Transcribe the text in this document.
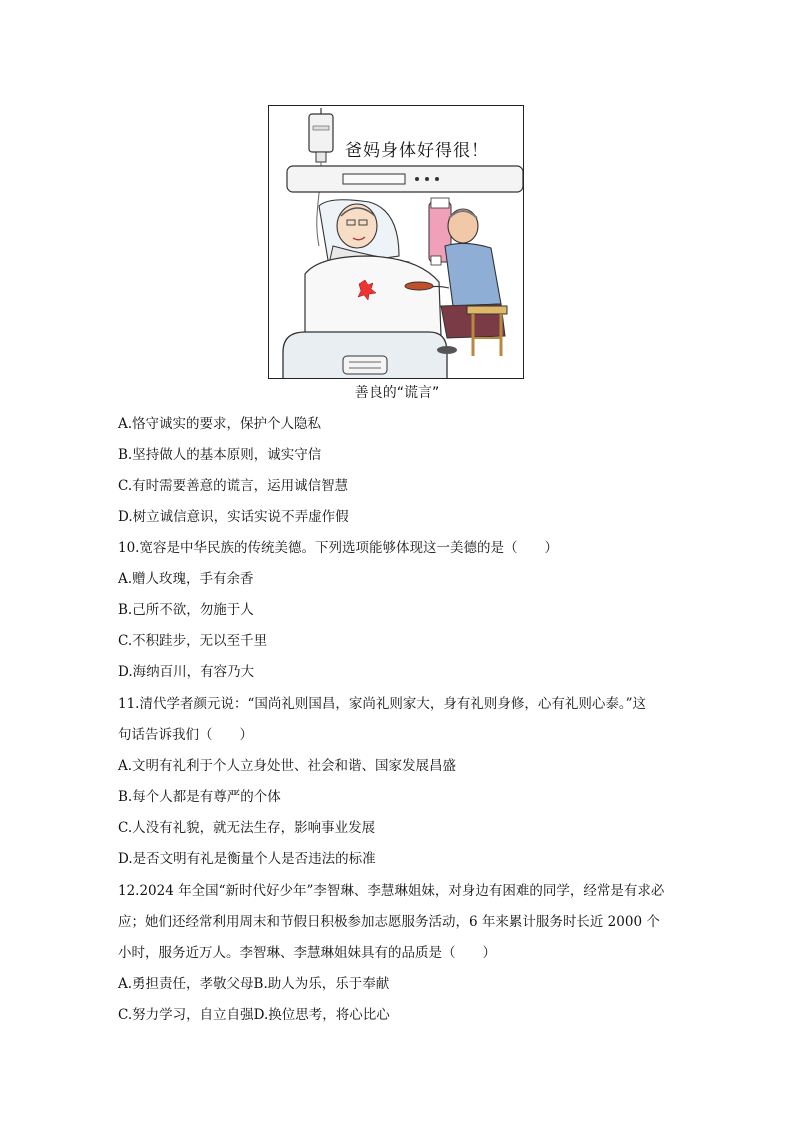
爸妈身体好得很！
善良的“谎言”
A.恪守诚实的要求，保护个人隐私
B.坚持做人的基本原则，诚实守信
C.有时需要善意的谎言，运用诚信智慧
D.树立诚信意识，实话实说不弄虚作假
10.宽容是中华民族的传统美德。下列选项能够体现这一美德的是（　　）
A.赠人玫瑰，手有余香
B.己所不欲，勿施于人
C.不积跬步，无以至千里
D.海纳百川，有容乃大
11.清代学者颜元说：“国尚礼则国昌，家尚礼则家大，身有礼则身修，心有礼则心泰。”这
句话告诉我们（　　）
A.文明有礼利于个人立身处世、社会和谐、国家发展昌盛
B.每个人都是有尊严的个体
C.人没有礼貌，就无法生存，影响事业发展
D.是否文明有礼是衡量个人是否违法的标准
12.2024 年全国“新时代好少年”李智琳、李慧琳姐妹，对身边有困难的同学，经常是有求必
应；她们还经常利用周末和节假日积极参加志愿服务活动，6 年来累计服务时长近 2000 个
小时，服务近万人。李智琳、李慧琳姐妹具有的品质是（　　）
A.勇担责任，孝敬父母B.助人为乐，乐于奉献
C.努力学习，自立自强D.换位思考，将心比心
